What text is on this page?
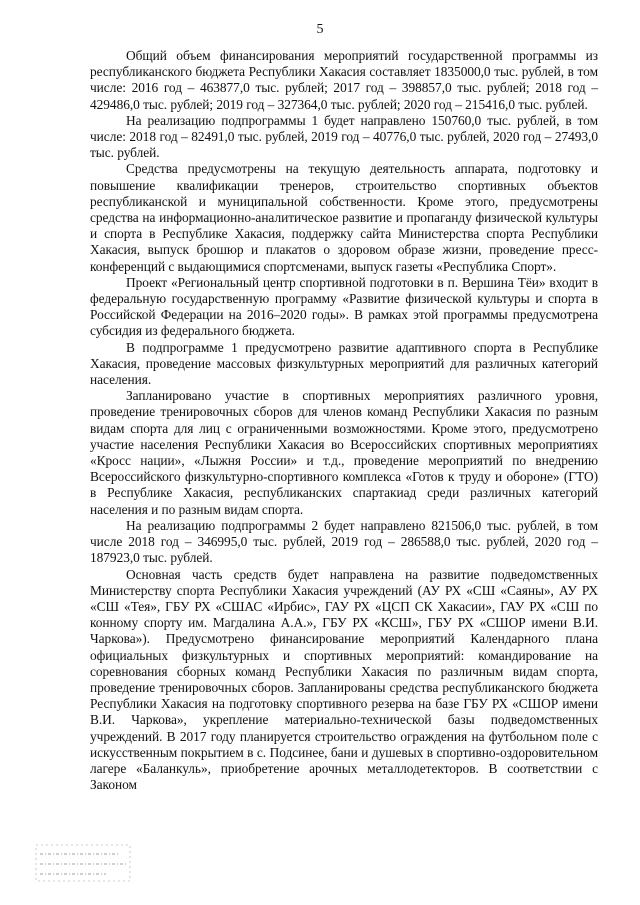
5

Общий объем финансирования мероприятий государственной программы из республиканского бюджета Республики Хакасия составляет 1835000,0 тыс. рублей, в том числе: 2016 год – 463877,0 тыс. рублей; 2017 год – 398857,0 тыс. рублей; 2018 год – 429486,0 тыс. рублей; 2019 год – 327364,0 тыс. рублей; 2020 год – 215416,0 тыс. рублей.

На реализацию подпрограммы 1 будет направлено 150760,0 тыс. рублей, в том числе: 2018 год – 82491,0 тыс. рублей, 2019 год – 40776,0 тыс. рублей, 2020 год – 27493,0 тыс. рублей.

Средства предусмотрены на текущую деятельность аппарата, подготовку и повышение квалификации тренеров, строительство спортивных объектов республиканской и муниципальной собственности. Кроме этого, предусмотрены средства на информационно-аналитическое развитие и пропаганду физической культуры и спорта в Республике Хакасия, поддержку сайта Министерства спорта Республики Хакасия, выпуск брошюр и плакатов о здоровом образе жизни, проведение пресс-конференций с выдающимися спортсменами, выпуск газеты «Республика Спорт».

Проект «Региональный центр спортивной подготовки в п. Вершина Тёи» входит в федеральную государственную программу «Развитие физической культуры и спорта в Российской Федерации на 2016–2020 годы». В рамках этой программы предусмотрена субсидия из федерального бюджета.

В подпрограмме 1 предусмотрено развитие адаптивного спорта в Республике Хакасия, проведение массовых физкультурных мероприятий для различных категорий населения.

Запланировано участие в спортивных мероприятиях различного уровня, проведение тренировочных сборов для членов команд Республики Хакасия по разным видам спорта для лиц с ограниченными возможностями. Кроме этого, предусмотрено участие населения Республики Хакасия во Всероссийских спортивных мероприятиях «Кросс нации», «Лыжня России» и т.д., проведение мероприятий по внедрению Всероссийского физкультурно-спортивного комплекса «Готов к труду и обороне» (ГТО) в Республике Хакасия, республиканских спартакиад среди различных категорий населения и по разным видам спорта.

На реализацию подпрограммы 2 будет направлено 821506,0 тыс. рублей, в том числе 2018 год – 346995,0 тыс. рублей, 2019 год – 286588,0 тыс. рублей, 2020 год – 187923,0 тыс. рублей.

Основная часть средств будет направлена на развитие подведомственных Министерству спорта Республики Хакасия учреждений (АУ РХ «СШ «Саяны», АУ РХ «СШ «Тея», ГБУ РХ «СШАС «Ирбис», ГАУ РХ «ЦСП СК Хакасии», ГАУ РХ «СШ по конному спорту им. Магдалина А.А.», ГБУ РХ «КСШ», ГБУ РХ «СШОР имени В.И. Чаркова»). Предусмотрено финансирование мероприятий Календарного плана официальных физкультурных и спортивных мероприятий: командирование на соревнования сборных команд Республики Хакасия по различным видам спорта, проведение тренировочных сборов. Запланированы средства республиканского бюджета Республики Хакасия на подготовку спортивного резерва на базе ГБУ РХ «СШОР имени В.И. Чаркова», укрепление материально-технической базы подведомственных учреждений. В 2017 году планируется строительство ограждения на футбольном поле с искусственным покрытием в с. Подсинее, бани и душевых в спортивно-оздоровительном лагере «Баланкуль», приобретение арочных металлодетекторов. В соответствии с Законом
